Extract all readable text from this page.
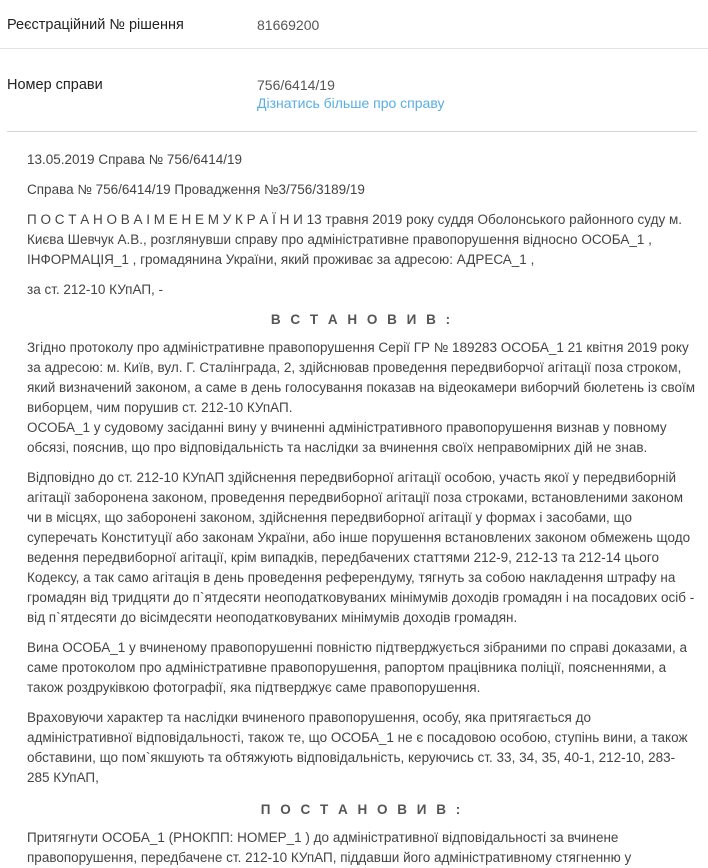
Реєстраційний № рішення	81669200
Номер справи	756/6414/19
Дізнатись більше про справу

13.05.2019 Справа № 756/6414/19

Справа № 756/6414/19 Провадження №3/756/3189/19

П О С Т А Н О В А І М Е Н Е М У К Р А Ї Н И 13 травня 2019 року суддя Оболонського районного суду м. Києва Шевчук А.В., розглянувши справу про адміністративне правопорушення відносно ОСОБА_1 , ІНФОРМАЦІЯ_1 , громадянина України, який проживає за адресою: АДРЕСА_1 ,

за ст. 212-10 КУпАП, -

В С Т А Н О В И В :

Згідно протоколу про адміністративне правопорушення Серії ГР № 189283 ОСОБА_1 21 квітня 2019 року за адресою: м. Київ, вул. Г. Сталінграда, 2, здійснював проведення передвиборчої агітації поза строком, який визначений законом, а саме в день голосування показав на відеокамери виборчий бюлетень із своїм виборцем, чим порушив ст. 212-10 КУпАП.

ОСОБА_1 у судовому засіданні вину у вчиненні адміністративного правопорушення визнав у повному обсязі, пояснив, що про відповідальність та наслідки за вчинення своїх неправомірних дій не знав.

Відповідно до ст. 212-10 КУпАП здійснення передвиборної агітації особою, участь якої у передвиборній агітації заборонена законом, проведення передвиборної агітації поза строками, встановленими законом чи в місцях, що заборонені законом, здійснення передвиборної агітації у формах і засобами, що суперечать Конституції або законам України, або інше порушення встановлених законом обмежень щодо ведення передвиборної агітації, крім випадків, передбачених статтями 212-9, 212-13 та 212-14 цього Кодексу, а так само агітація в день проведення референдуму, тягнуть за собою накладення штрафу на громадян від тридцяти до п`ятдесяти неоподатковуваних мінімумів доходів громадян і на посадових осіб - від п`ятдесяти до вісімдесяти неоподатковуваних мінімумів доходів громадян.

Вина ОСОБА_1 у вчиненому правопорушенні повністю підтверджується зібраними по справі доказами, а саме протоколом про адміністративне правопорушення, рапортом працівника поліції, поясненнями, а також роздруківкою фотографії, яка підтверджує саме правопорушення.

Враховуючи характер та наслідки вчиненого правопорушення, особу, яка притягається до адміністративної відповідальності, також те, що ОСОБА_1 не є посадовою особою, ступінь вини, а також обставини, що пом`якшують та обтяжують відповідальність, керуючись ст. 33, 34, 35, 40-1, 212-10, 283-285 КУпАП,

П О С Т А Н О В И В :

Притягнути ОСОБА_1 (РНОКПП: НОМЕР_1 ) до адміністративної відповідальності за вчинене правопорушення, передбачене ст. 212-10 КУпАП, піддавши його адміністративному стягненню у
